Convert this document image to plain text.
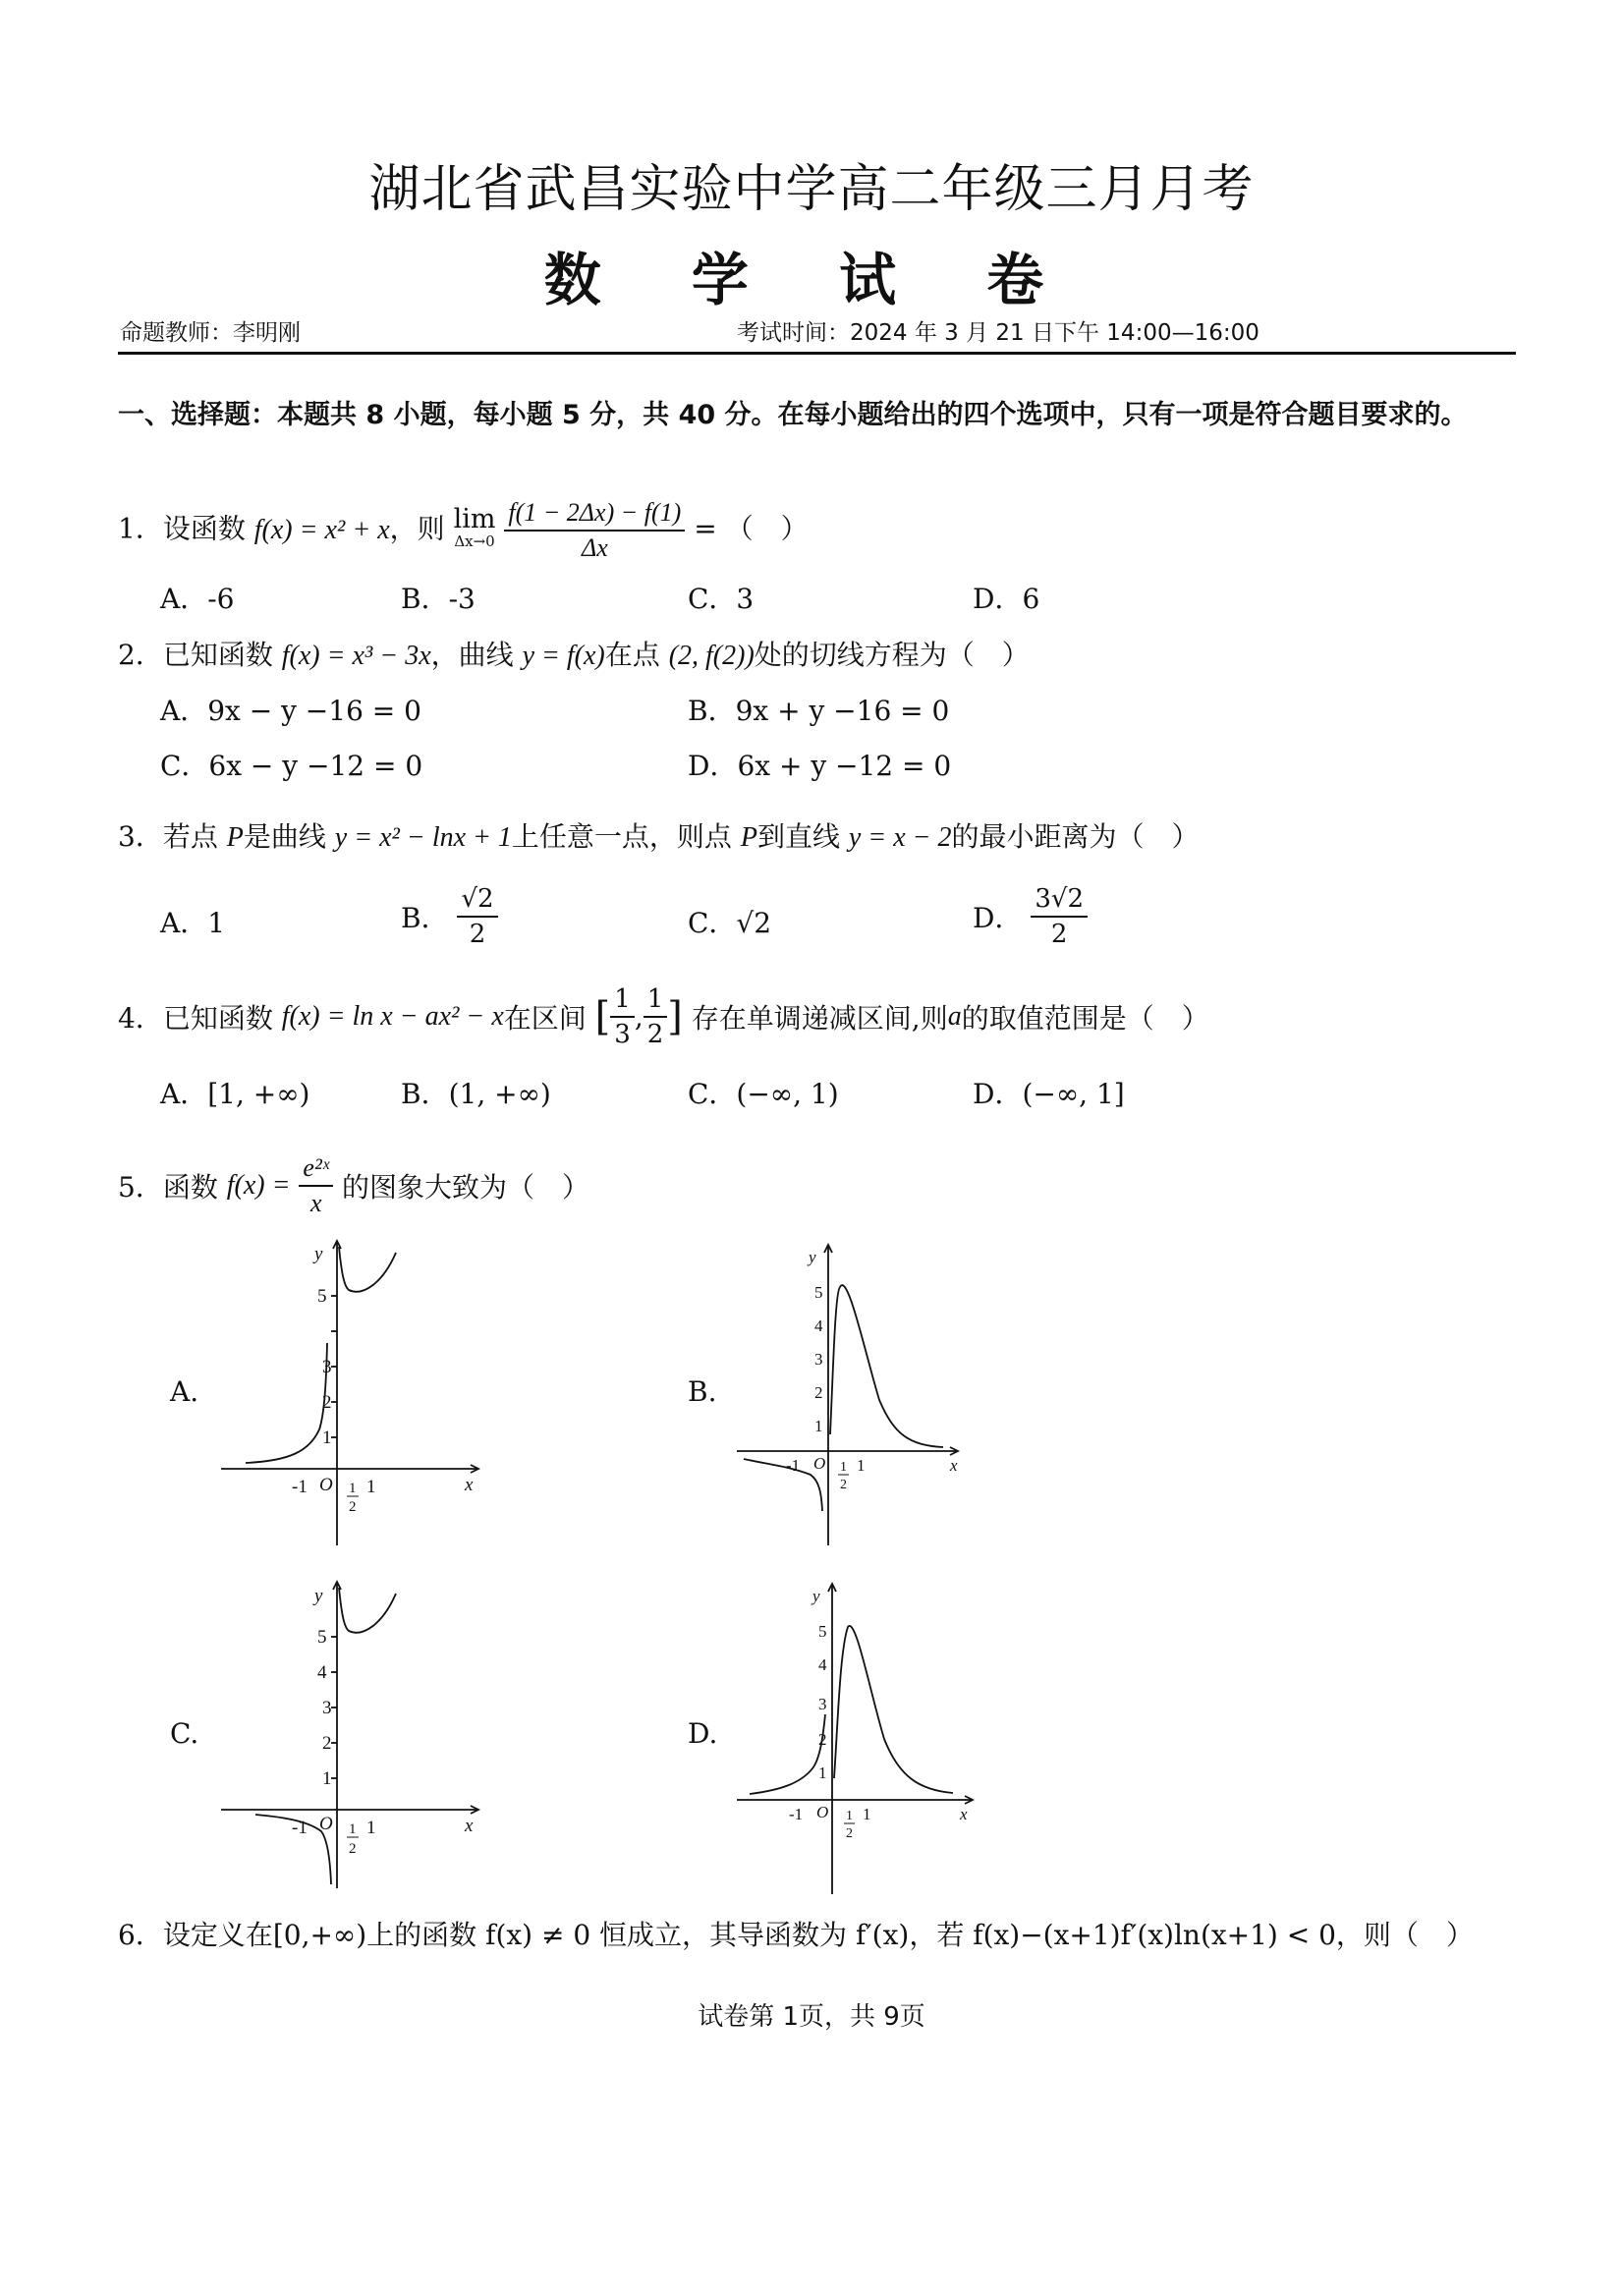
湖北省武昌实验中学高二年级三月月考
数 学 试 卷
命题教师：李明刚	考试时间：2024 年 3 月 21 日下午 14:00—16:00
一、选择题：本题共 8 小题，每小题 5 分，共 40 分。在每小题给出的四个选项中，只有一项是符合题目要求的。
1．设函数 f(x) = x² + x，则 lim
Δx→0
$\frac{f(1 - 2\Delta x) - f(1)}{\Delta x}$ = （　）
A．-6	B．-3	C．3	D．6
2．已知函数 f(x) = x³ − 3x，曲线 y = f(x)在点 (2, f(2))处的切线方程为（　）
A．9x − y −16 = 0	B．9x + y −16 = 0
C．6x − y −12 = 0	D．6x + y −12 = 0
3．若点 P是曲线 y = x² − lnx + 1上任意一点，则点 P到直线 y = x − 2的最小距离为（　）
A．1	B． $\frac{√2}{2}$	C．√2	D． $\frac{3√2}{2}$
4．已知函数 f(x) = ln x − ax² − x在区间 [ $\frac{1}{3}$ , $\frac{1}{2}$ ] 存在单调递减区间,则a的取值范围是（　）
A．[1, +∞)	B．(1, +∞)	C．(−∞, 1)	D．(−∞, 1]
5．函数 $f(x) = \frac{\text{e²ˣ}}{x}$ 的图象大致为（　）
A.	B.
C.	D.
y
5
3
2
1
-1 O 1
1
2
x
y
5
4
3
2
1
-1 O 1
1
2
x
y
5
4
3
2
1
-1 O 1
1
2
x
y
5
4
3
2
1
-1 O 1
1
2
x
6．设定义在[0,+∞)上的函数 f(x) ≠ 0 恒成立，其导函数为 f′(x)，若 f(x)−(x+1)f′(x)ln(x+1) < 0，则（　）
试卷第 1页，共 9页
